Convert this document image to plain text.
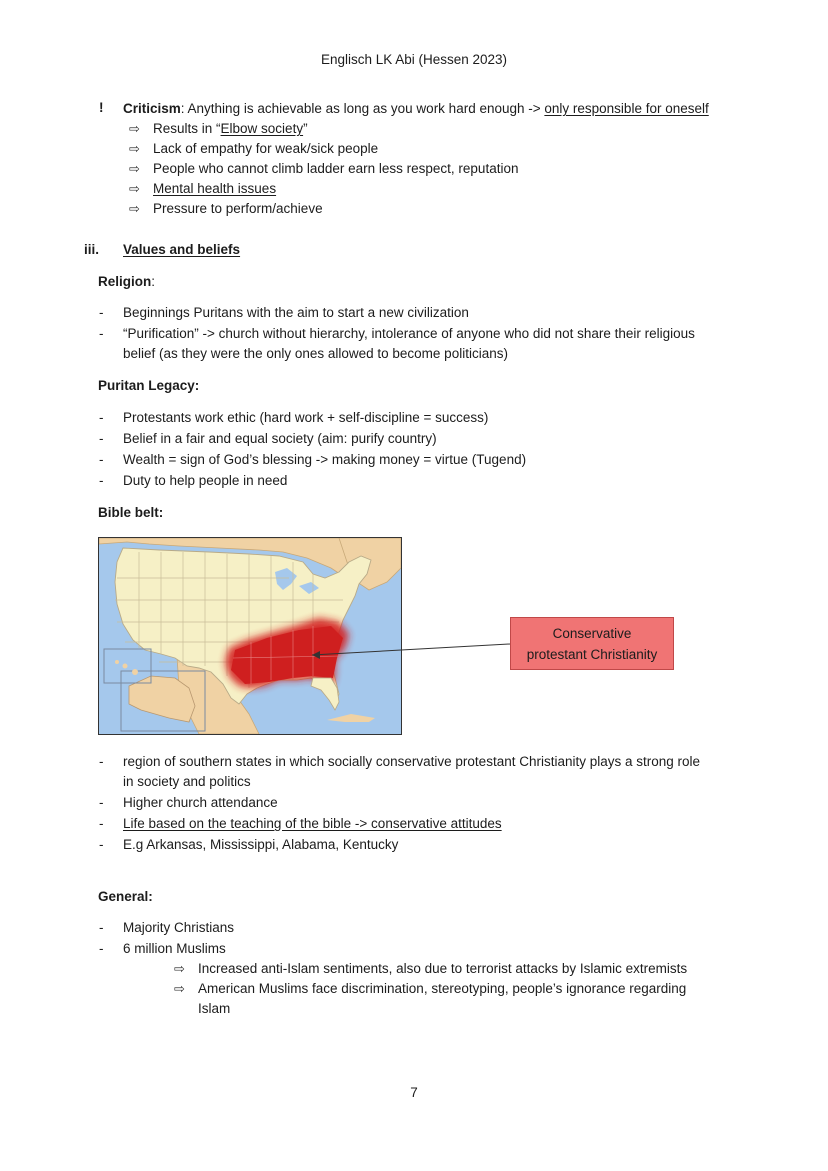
Englisch LK Abi (Hessen 2023)
! Criticism: Anything is achievable as long as you work hard enough -> only responsible for oneself
⇨ Results in “Elbow society”
⇨ Lack of empathy for weak/sick people
⇨ People who cannot climb ladder earn less respect, reputation
⇨ Mental health issues
⇨ Pressure to perform/achieve
iii. Values and beliefs
Religion:
- Beginnings Puritans with the aim to start a new civilization
- “Purification” -> church without hierarchy, intolerance of anyone who did not share their religious
belief (as they were the only ones allowed to become politicians)
Puritan Legacy:
- Protestants work ethic (hard work + self-discipline = success)
- Belief in a fair and equal society (aim: purify country)
- Wealth = sign of God’s blessing -> making money = virtue (Tugend)
- Duty to help people in need
Bible belt:
Conservative
protestant Christianity
- region of southern states in which socially conservative protestant Christianity plays a strong role
in society and politics
- Higher church attendance
- Life based on the teaching of the bible -> conservative attitudes
- E.g Arkansas, Mississippi, Alabama, Kentucky
General:
- Majority Christians
- 6 million Muslims
⇨ Increased anti-Islam sentiments, also due to terrorist attacks by Islamic extremists
⇨ American Muslims face discrimination, stereotyping, people’s ignorance regarding
Islam
7
